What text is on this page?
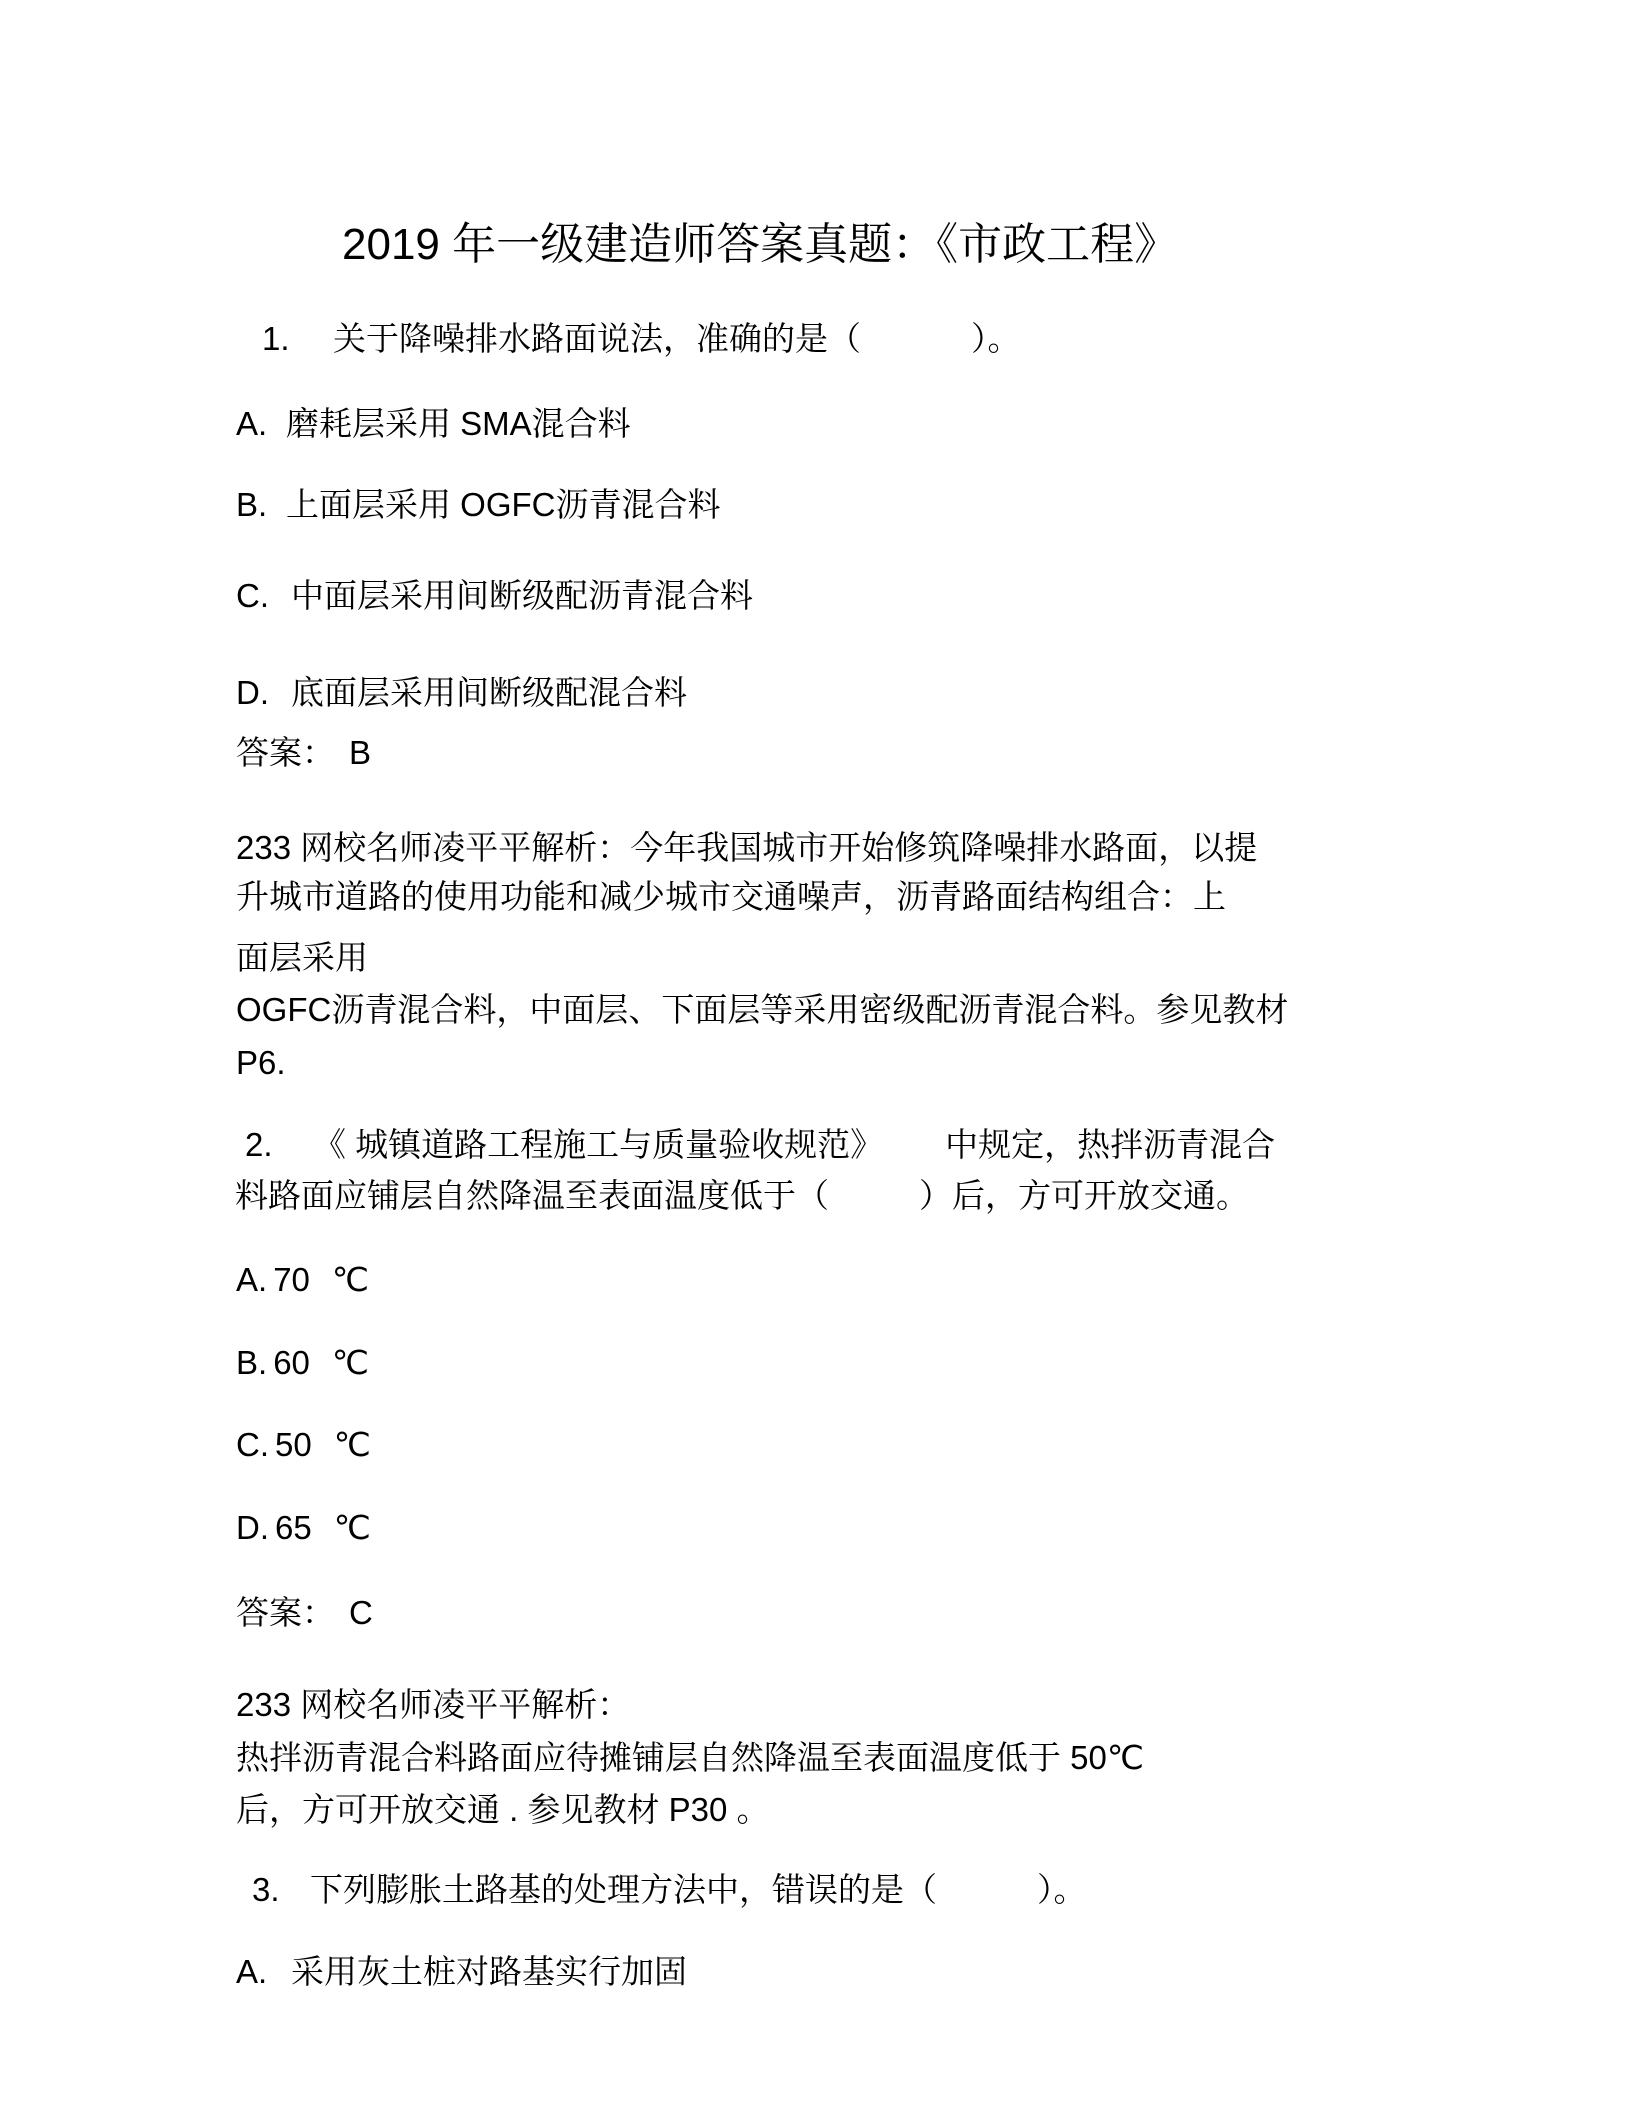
2019 年一级建造师答案真题：《市政工程》
1. 关于降噪排水路面说法，准确的是（	）。
A. 磨耗层采用 SMA混合料
B. 上面层采用 OGFC沥青混合料
C. 中面层采用间断级配沥青混合料
D. 底面层采用间断级配混合料
答案： B
233 网校名师凌平平解析：今年我国城市开始修筑降噪排水路面，以提
升城市道路的使用功能和减少城市交通噪声，沥青路面结构组合：上
面层采用
OGFC沥青混合料，中面层、下面层等采用密级配沥青混合料。参见教材
P6.
2. 《 城镇道路工程施工与质量验收规范》 中规定，热拌沥青混合
料路面应铺层自然降温至表面温度低于（	）后，方可开放交通。
A. 70 ℃
B. 60 ℃
C. 50 ℃
D. 65 ℃
答案： C
233 网校名师凌平平解析：
热拌沥青混合料路面应待摊铺层自然降温至表面温度低于 50℃
后，方可开放交通 . 参见教材 P30 。
3. 下列膨胀土路基的处理方法中，错误的是（	）。
A. 采用灰土桩对路基实行加固
